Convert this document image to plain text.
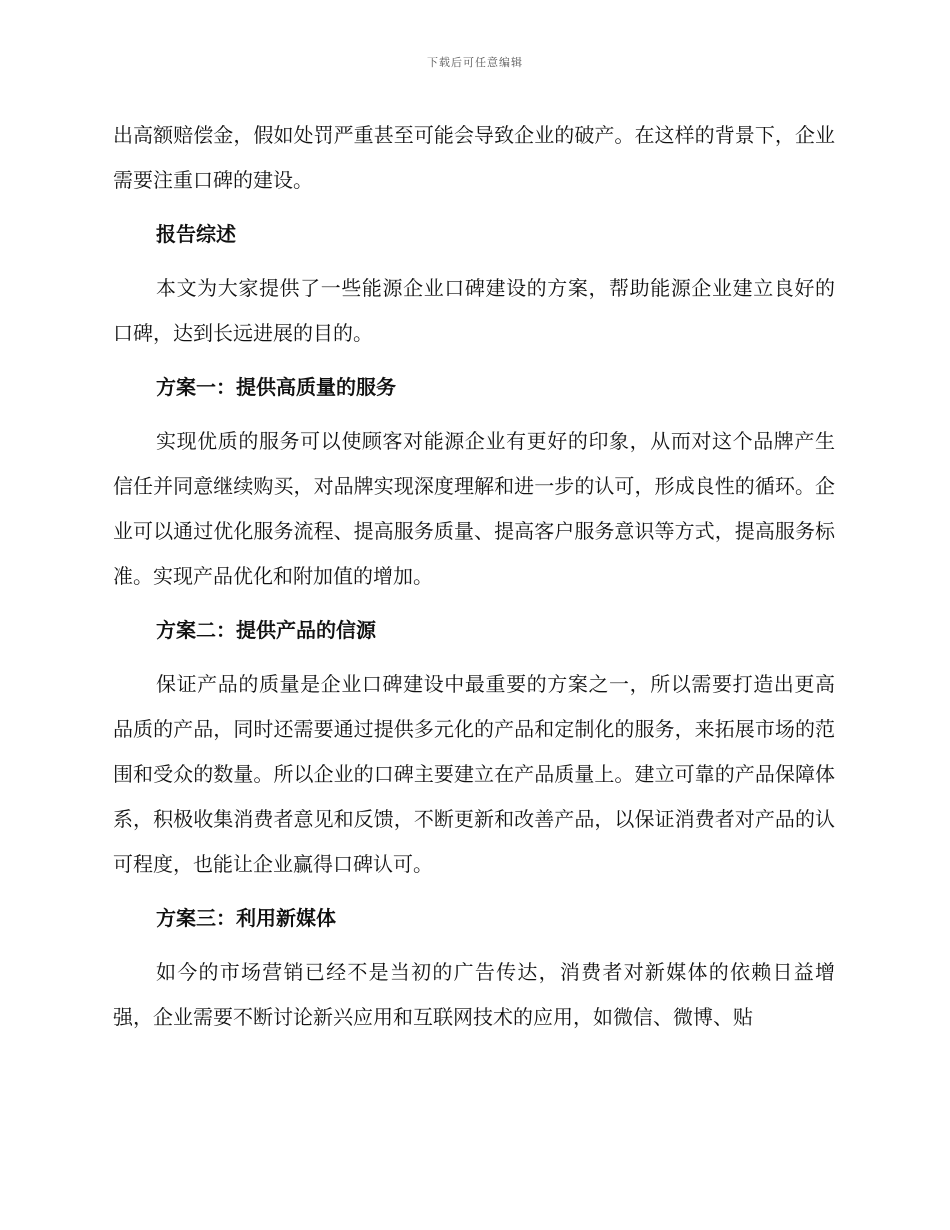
下载后可任意编辑

出高额赔偿金，假如处罚严重甚至可能会导致企业的破产。在这样的背景下，企业需要注重口碑的建设。

报告综述

本文为大家提供了一些能源企业口碑建设的方案，帮助能源企业建立良好的口碑，达到长远进展的目的。

方案一：提供高质量的服务

实现优质的服务可以使顾客对能源企业有更好的印象，从而对这个品牌产生信任并同意继续购买，对品牌实现深度理解和进一步的认可，形成良性的循环。企业可以通过优化服务流程、提高服务质量、提高客户服务意识等方式，提高服务标准。实现产品优化和附加值的增加。

方案二：提供产品的信源

保证产品的质量是企业口碑建设中最重要的方案之一，所以需要打造出更高品质的产品，同时还需要通过提供多元化的产品和定制化的服务，来拓展市场的范围和受众的数量。所以企业的口碑主要建立在产品质量上。建立可靠的产品保障体系，积极收集消费者意见和反馈，不断更新和改善产品，以保证消费者对产品的认可程度，也能让企业赢得口碑认可。

方案三：利用新媒体

如今的市场营销已经不是当初的广告传达，消费者对新媒体的依赖日益增强，企业需要不断讨论新兴应用和互联网技术的应用，如微信、微博、贴
